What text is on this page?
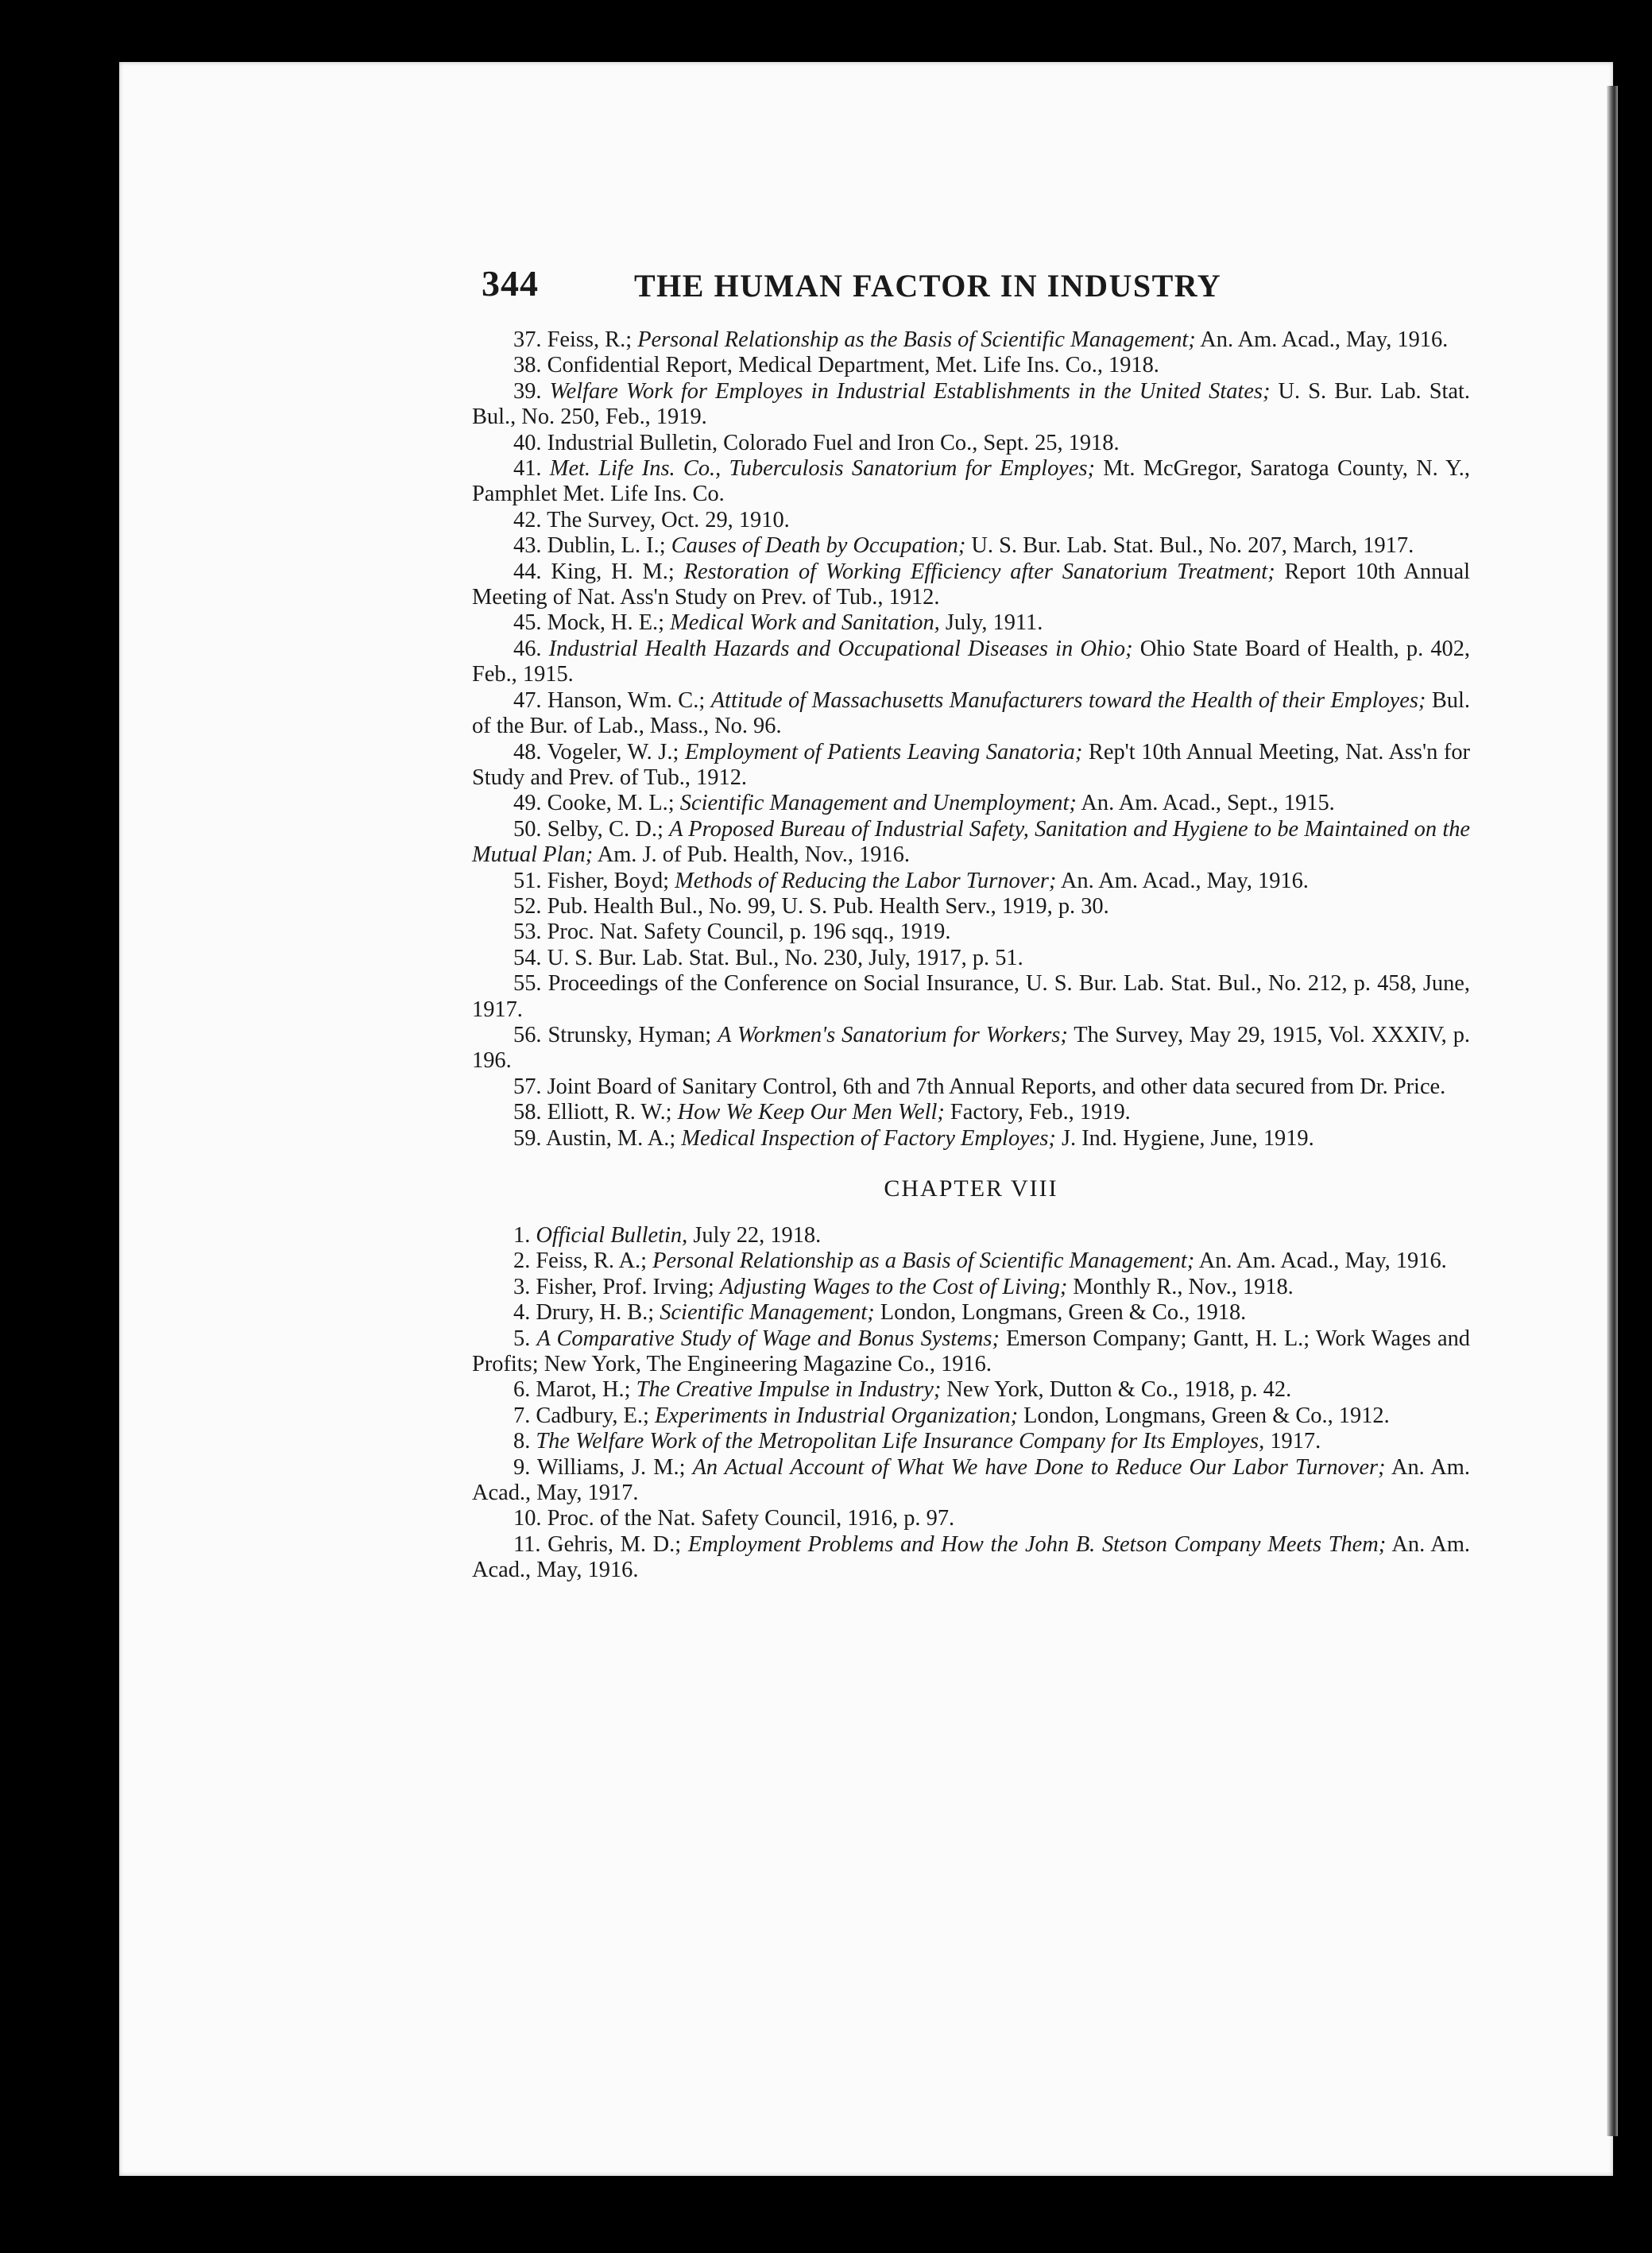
344	THE HUMAN FACTOR IN INDUSTRY
37. Feiss, R.; Personal Relationship as the Basis of Scientific Management; An. Am. Acad., May, 1916.
38. Confidential Report, Medical Department, Met. Life Ins. Co., 1918.
39. Welfare Work for Employes in Industrial Establishments in the United States; U. S. Bur. Lab. Stat. Bul., No. 250, Feb., 1919.
40. Industrial Bulletin, Colorado Fuel and Iron Co., Sept. 25, 1918.
41. Met. Life Ins. Co., Tuberculosis Sanatorium for Employes; Mt. McGregor, Saratoga County, N. Y., Pamphlet Met. Life Ins. Co.
42. The Survey, Oct. 29, 1910.
43. Dublin, L. I.; Causes of Death by Occupation; U. S. Bur. Lab. Stat. Bul., No. 207, March, 1917.
44. King, H. M.; Restoration of Working Efficiency after Sanatorium Treatment; Report 10th Annual Meeting of Nat. Ass'n Study on Prev. of Tub., 1912.
45. Mock, H. E.; Medical Work and Sanitation, July, 1911.
46. Industrial Health Hazards and Occupational Diseases in Ohio; Ohio State Board of Health, p. 402, Feb., 1915.
47. Hanson, Wm. C.; Attitude of Massachusetts Manufacturers toward the Health of their Employes; Bul. of the Bur. of Lab., Mass., No. 96.
48. Vogeler, W. J.; Employment of Patients Leaving Sanatoria; Rep't 10th Annual Meeting, Nat. Ass'n for Study and Prev. of Tub., 1912.
49. Cooke, M. L.; Scientific Management and Unemployment; An. Am. Acad., Sept., 1915.
50. Selby, C. D.; A Proposed Bureau of Industrial Safety, Sanitation and Hygiene to be Maintained on the Mutual Plan; Am. J. of Pub. Health, Nov., 1916.
51. Fisher, Boyd; Methods of Reducing the Labor Turnover; An. Am. Acad., May, 1916.
52. Pub. Health Bul., No. 99, U. S. Pub. Health Serv., 1919, p. 30.
53. Proc. Nat. Safety Council, p. 196 sqq., 1919.
54. U. S. Bur. Lab. Stat. Bul., No. 230, July, 1917, p. 51.
55. Proceedings of the Conference on Social Insurance, U. S. Bur. Lab. Stat. Bul., No. 212, p. 458, June, 1917.
56. Strunsky, Hyman; A Workmen's Sanatorium for Workers; The Survey, May 29, 1915, Vol. XXXIV, p. 196.
57. Joint Board of Sanitary Control, 6th and 7th Annual Reports, and other data secured from Dr. Price.
58. Elliott, R. W.; How We Keep Our Men Well; Factory, Feb., 1919.
59. Austin, M. A.; Medical Inspection of Factory Employes; J. Ind. Hygiene, June, 1919.
CHAPTER VIII
1. Official Bulletin, July 22, 1918.
2. Feiss, R. A.; Personal Relationship as a Basis of Scientific Management; An. Am. Acad., May, 1916.
3. Fisher, Prof. Irving; Adjusting Wages to the Cost of Living; Monthly R., Nov., 1918.
4. Drury, H. B.; Scientific Management; London, Longmans, Green & Co., 1918.
5. A Comparative Study of Wage and Bonus Systems; Emerson Company; Gantt, H. L.; Work Wages and Profits; New York, The Engineering Magazine Co., 1916.
6. Marot, H.; The Creative Impulse in Industry; New York, Dutton & Co., 1918, p. 42.
7. Cadbury, E.; Experiments in Industrial Organization; London, Longmans, Green & Co., 1912.
8. The Welfare Work of the Metropolitan Life Insurance Company for Its Employes, 1917.
9. Williams, J. M.; An Actual Account of What We have Done to Reduce Our Labor Turnover; An. Am. Acad., May, 1917.
10. Proc. of the Nat. Safety Council, 1916, p. 97.
11. Gehris, M. D.; Employment Problems and How the John B. Stetson Company Meets Them; An. Am. Acad., May, 1916.
